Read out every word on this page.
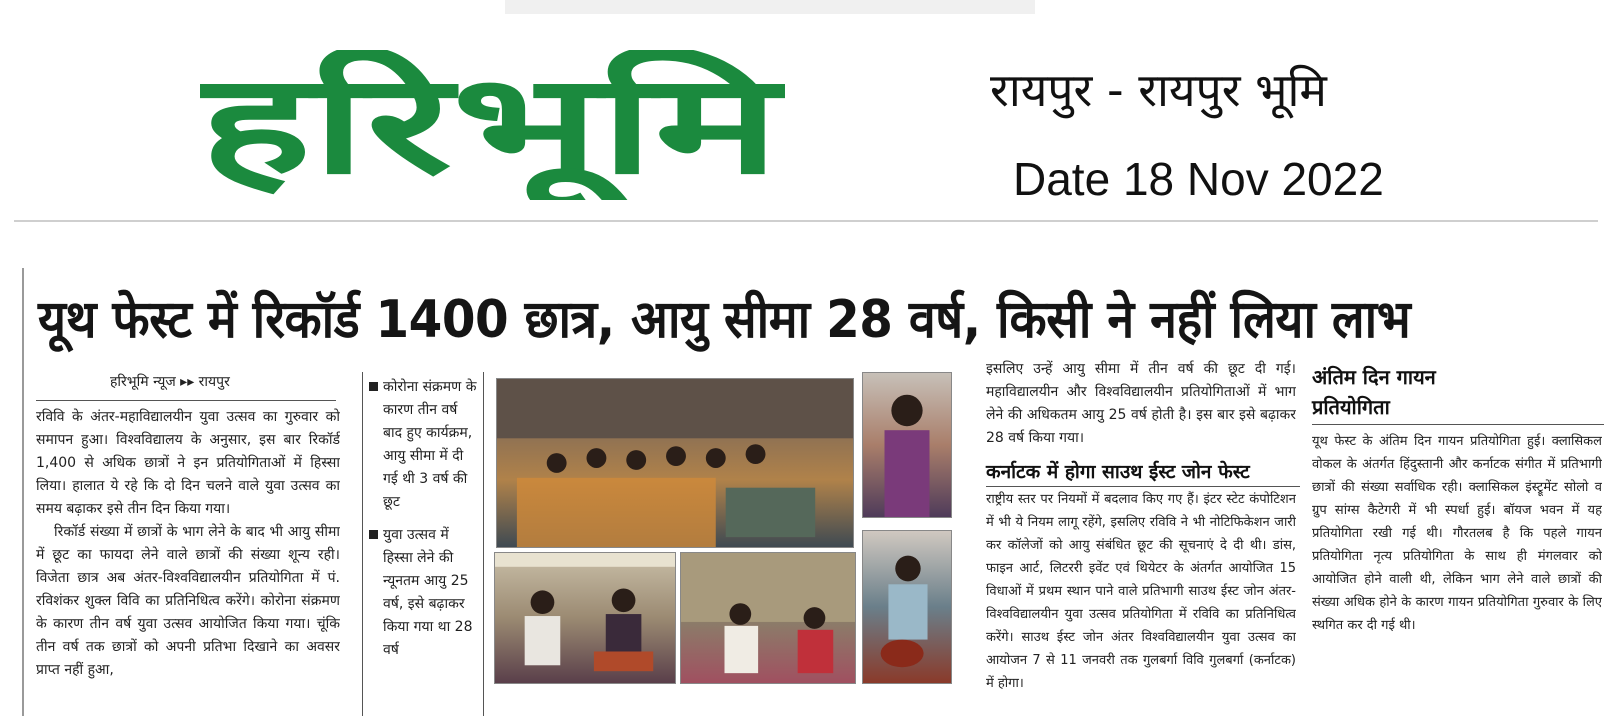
हरिभूमि	रायपुर - रायपुर भूमि
Date 18 Nov 2022
यूथ फेस्ट में रिकॉर्ड 1400 छात्र, आयु सीमा 28 वर्ष, किसी ने नहीं लिया लाभ
हरिभूमि न्यूज ▸▸ रायपुर

रविवि के अंतर-महाविद्यालयीन युवा उत्सव का गुरुवार को समापन हुआ। विश्वविद्यालय के अनुसार, इस बार रिकॉर्ड 1,400 से अधिक छात्रों ने इन प्रतियोगिताओं में हिस्सा लिया। हालात ये रहे कि दो दिन चलने वाले युवा उत्सव का समय बढ़ाकर इसे तीन दिन किया गया।

रिकॉर्ड संख्या में छात्रों के भाग लेने के बाद भी आयु सीमा में छूट का फायदा लेने वाले छात्रों की संख्या शून्य रही। विजेता छात्र अब अंतर-विश्वविद्यालयीन प्रतियोगिता में पं. रविशंकर शुक्ल विवि का प्रतिनिधित्व करेंगे। कोरोना संक्रमण के कारण तीन वर्ष युवा उत्सव आयोजित किया गया। चूंकि तीन वर्ष तक छात्रों को अपनी प्रतिभा दिखाने का अवसर प्राप्त नहीं हुआ,

कोरोना संक्रमण के कारण तीन वर्ष बाद हुए कार्यक्रम, आयु सीमा में दी गई थी 3 वर्ष की छूट
युवा उत्सव में हिस्सा लेने की न्यूनतम आयु 25 वर्ष, इसे बढ़ाकर किया गया था 28 वर्ष

इसलिए उन्हें आयु सीमा में तीन वर्ष की छूट दी गई। महाविद्यालयीन और विश्वविद्यालयीन प्रतियोगिताओं में भाग लेने की अधिकतम आयु 25 वर्ष होती है। इस बार इसे बढ़ाकर 28 वर्ष किया गया।

कर्नाटक में होगा साउथ ईस्ट जोन फेस्ट

राष्ट्रीय स्तर पर नियमों में बदलाव किए गए हैं। इंटर स्टेट कंपोटिशन में भी ये नियम लागू रहेंगे, इसलिए रविवि ने भी नोटिफिकेशन जारी कर कॉलेजों को आयु संबंधित छूट की सूचनाएं दे दी थी। डांस, फाइन आर्ट, लिटररी इवेंट एवं थियेटर के अंतर्गत आयोजित 15 विधाओं में प्रथम स्थान पाने वाले प्रतिभागी साउथ ईस्ट जोन अंतर-विश्वविद्यालयीन युवा उत्सव प्रतियोगिता में रविवि का प्रतिनिधित्व करेंगे। साउथ ईस्ट जोन अंतर विश्वविद्यालयीन युवा उत्सव का आयोजन 7 से 11 जनवरी तक गुलबर्गा विवि गुलबर्गा (कर्नाटक) में होगा।

अंतिम दिन गायन प्रतियोगिता

यूथ फेस्ट के अंतिम दिन गायन प्रतियोगिता हुई। क्लासिकल वोकल के अंतर्गत हिंदुस्तानी और कर्नाटक संगीत में प्रतिभागी छात्रों की संख्या सर्वाधिक रही। क्लासिकल इंस्ट्रूमेंट सोलो व ग्रुप सांग्स कैटेगरी में भी स्पर्धा हुई। बॉयज भवन में यह प्रतियोगिता रखी गई थी। गौरतलब है कि पहले गायन प्रतियोगिता नृत्य प्रतियोगिता के साथ ही मंगलवार को आयोजित होने वाली थी, लेकिन भाग लेने वाले छात्रों की संख्या अधिक होने के कारण गायन प्रतियोगिता गुरुवार के लिए स्थगित कर दी गई थी।
